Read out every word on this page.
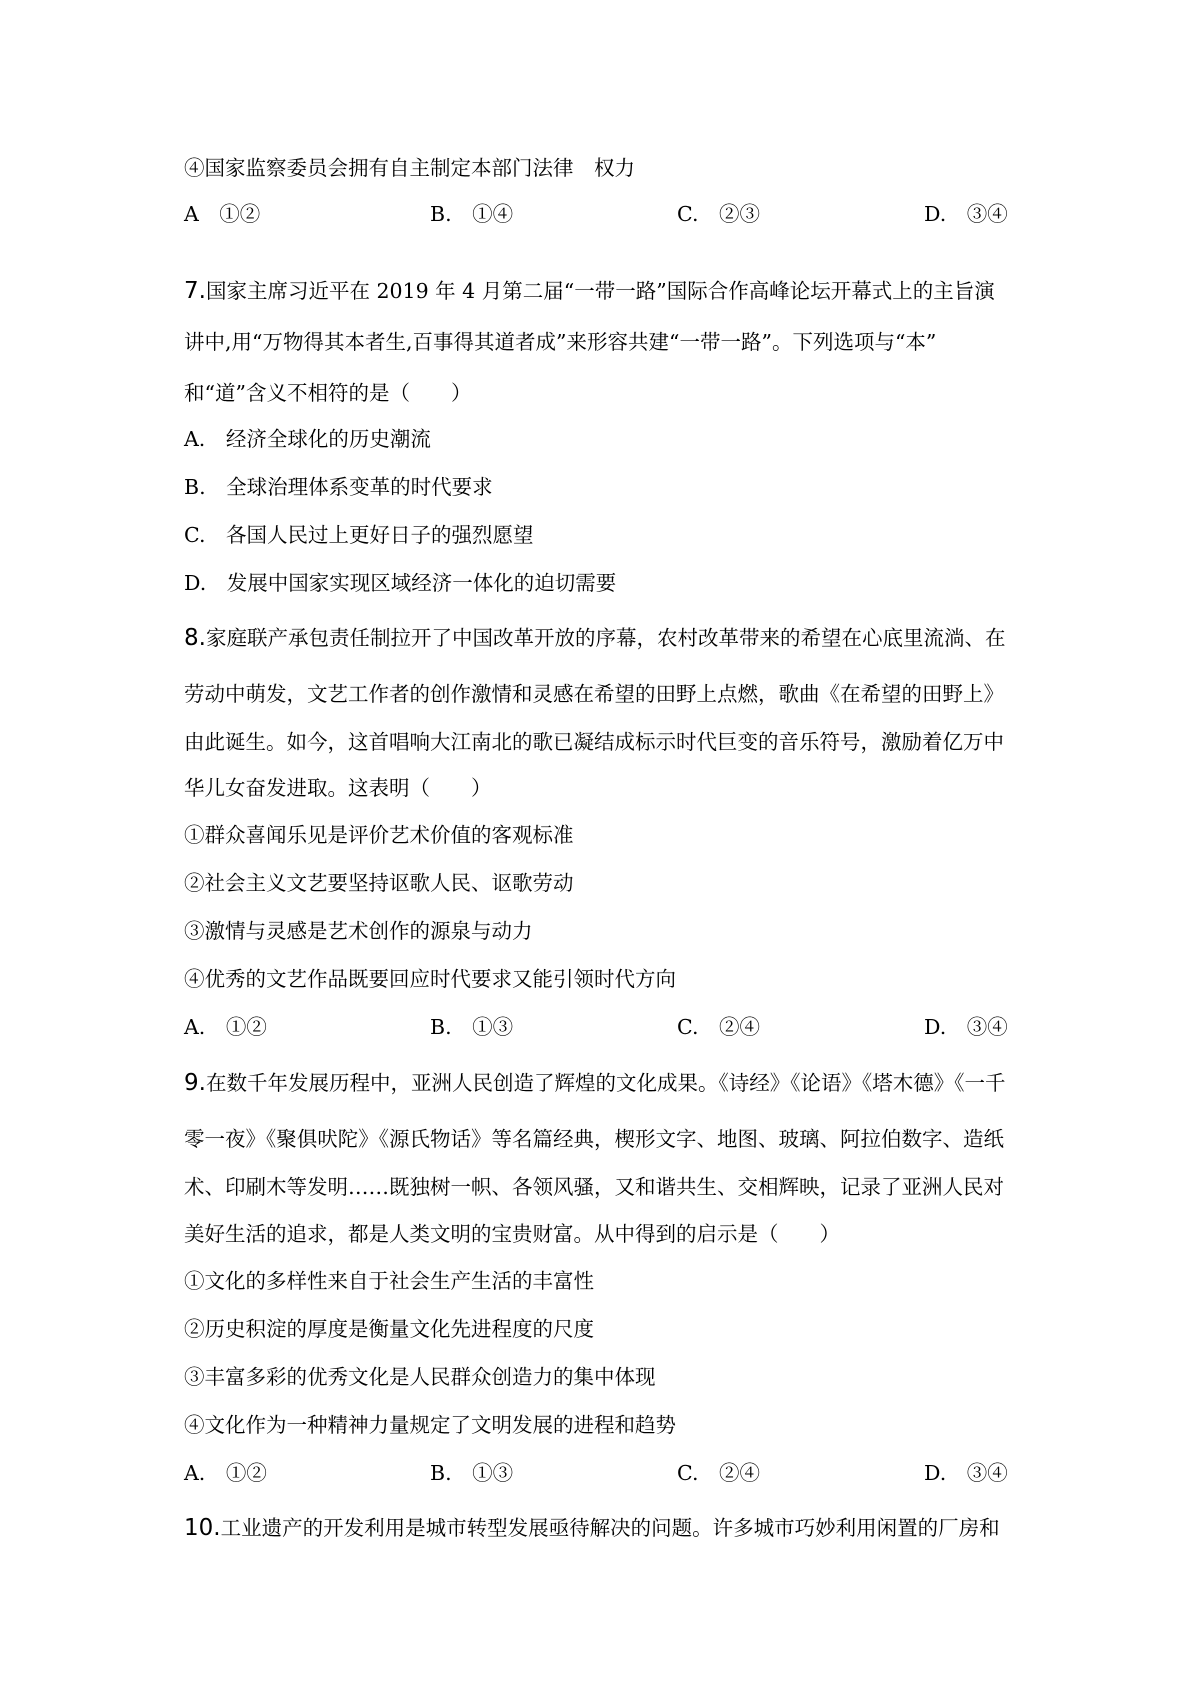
④国家监察委员会拥有自主制定本部门法律　权力
A　①②	B.　①④	C.　②③	D.　③④
7.国家主席习近平在 2019 年 4 月第二届“一带一路”国际合作高峰论坛开幕式上的主旨演
讲中,用“万物得其本者生,百事得其道者成”来形容共建“一带一路”。下列选项与“本”
和“道”含义不相符的是（　　）
A.　经济全球化的历史潮流
B.　全球治理体系变革的时代要求
C.　各国人民过上更好日子的强烈愿望
D.　发展中国家实现区域经济一体化的迫切需要
8.家庭联产承包责任制拉开了中国改革开放的序幕，农村改革带来的希望在心底里流淌、在
劳动中萌发，文艺工作者的创作激情和灵感在希望的田野上点燃，歌曲《在希望的田野上》
由此诞生。如今，这首唱响大江南北的歌已凝结成标示时代巨变的音乐符号，激励着亿万中
华儿女奋发进取。这表明（　　）
①群众喜闻乐见是评价艺术价值的客观标准
②社会主义文艺要坚持讴歌人民、讴歌劳动
③激情与灵感是艺术创作的源泉与动力
④优秀的文艺作品既要回应时代要求又能引领时代方向
A.　①②	B.　①③	C.　②④	D.　③④
9.在数千年发展历程中，亚洲人民创造了辉煌的文化成果。《诗经》《论语》《塔木德》《一千
零一夜》《聚俱吠陀》《源氏物话》等名篇经典，楔形文字、地图、玻璃、阿拉伯数字、造纸
术、印刷木等发明……既独树一帜、各领风骚，又和谐共生、交相辉映，记录了亚洲人民对
美好生活的追求，都是人类文明的宝贵财富。从中得到的启示是（　　）
①文化的多样性来自于社会生产生活的丰富性
②历史积淀的厚度是衡量文化先进程度的尺度
③丰富多彩的优秀文化是人民群众创造力的集中体现
④文化作为一种精神力量规定了文明发展的进程和趋势
A.　①②	B.　①③	C.　②④	D.　③④
10.工业遗产的开发利用是城市转型发展亟待解决的问题。许多城市巧妙利用闲置的厂房和
